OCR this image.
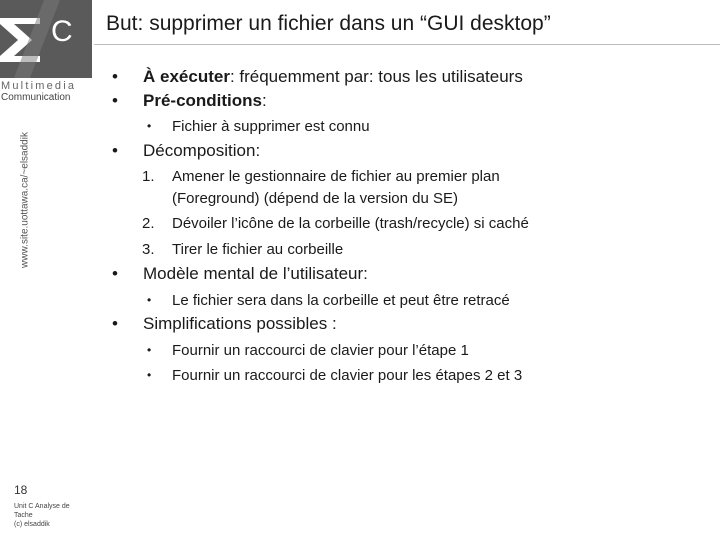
C
Multimedia
Communication
www.site.uottawa.ca/~elsaddik
18
Unit C Analyse de
Tache
(c) elsaddik
But: supprimer un fichier dans un “GUI desktop”
• À exécuter: fréquemment par: tous les utilisateurs
• Pré-conditions:
• Fichier à supprimer est connu
• Décomposition:
1. Amener le gestionnaire de fichier au premier plan
(Foreground) (dépend de la version du SE)
2. Dévoiler l’icône de la corbeille (trash/recycle) si caché
3. Tirer le fichier au corbeille
• Modèle mental de l’utilisateur:
• Le fichier sera dans la corbeille et peut être retracé
• Simplifications possibles :
• Fournir un raccourci de clavier pour l’étape 1
• Fournir un raccourci de clavier pour les étapes 2 et 3
